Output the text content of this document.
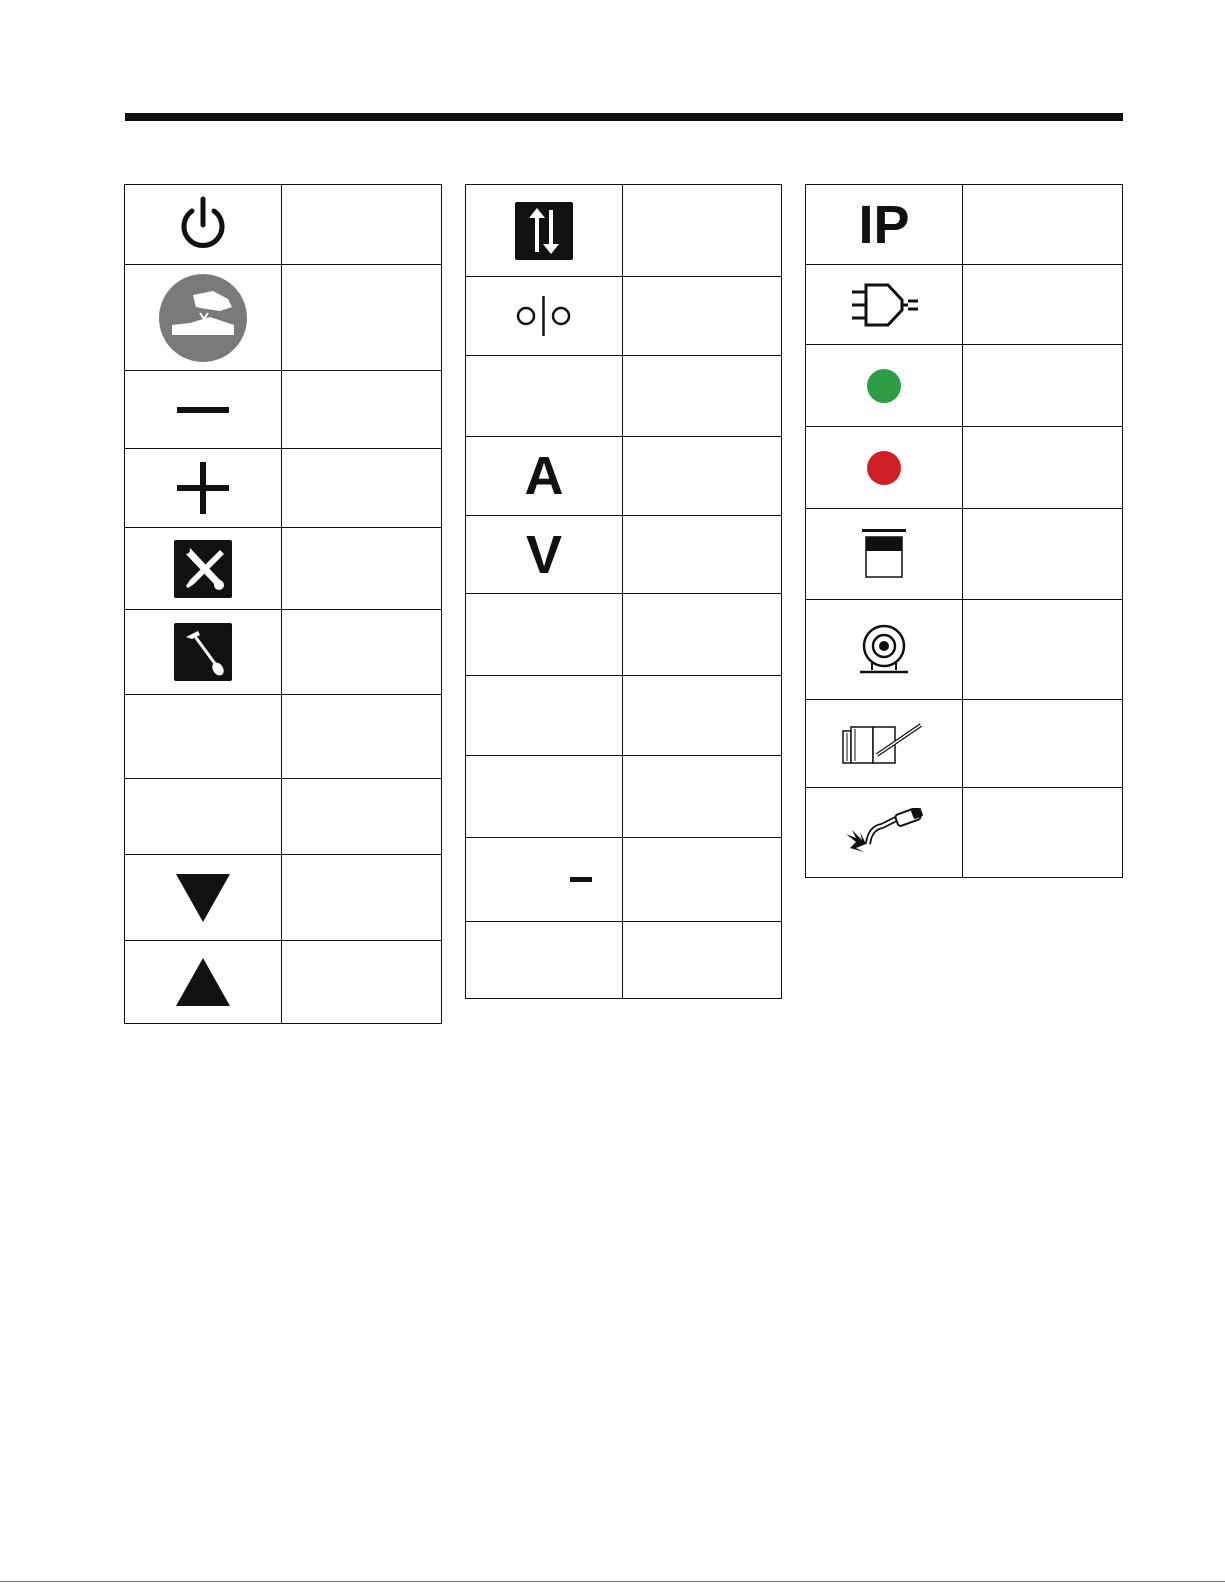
A
V
IP
